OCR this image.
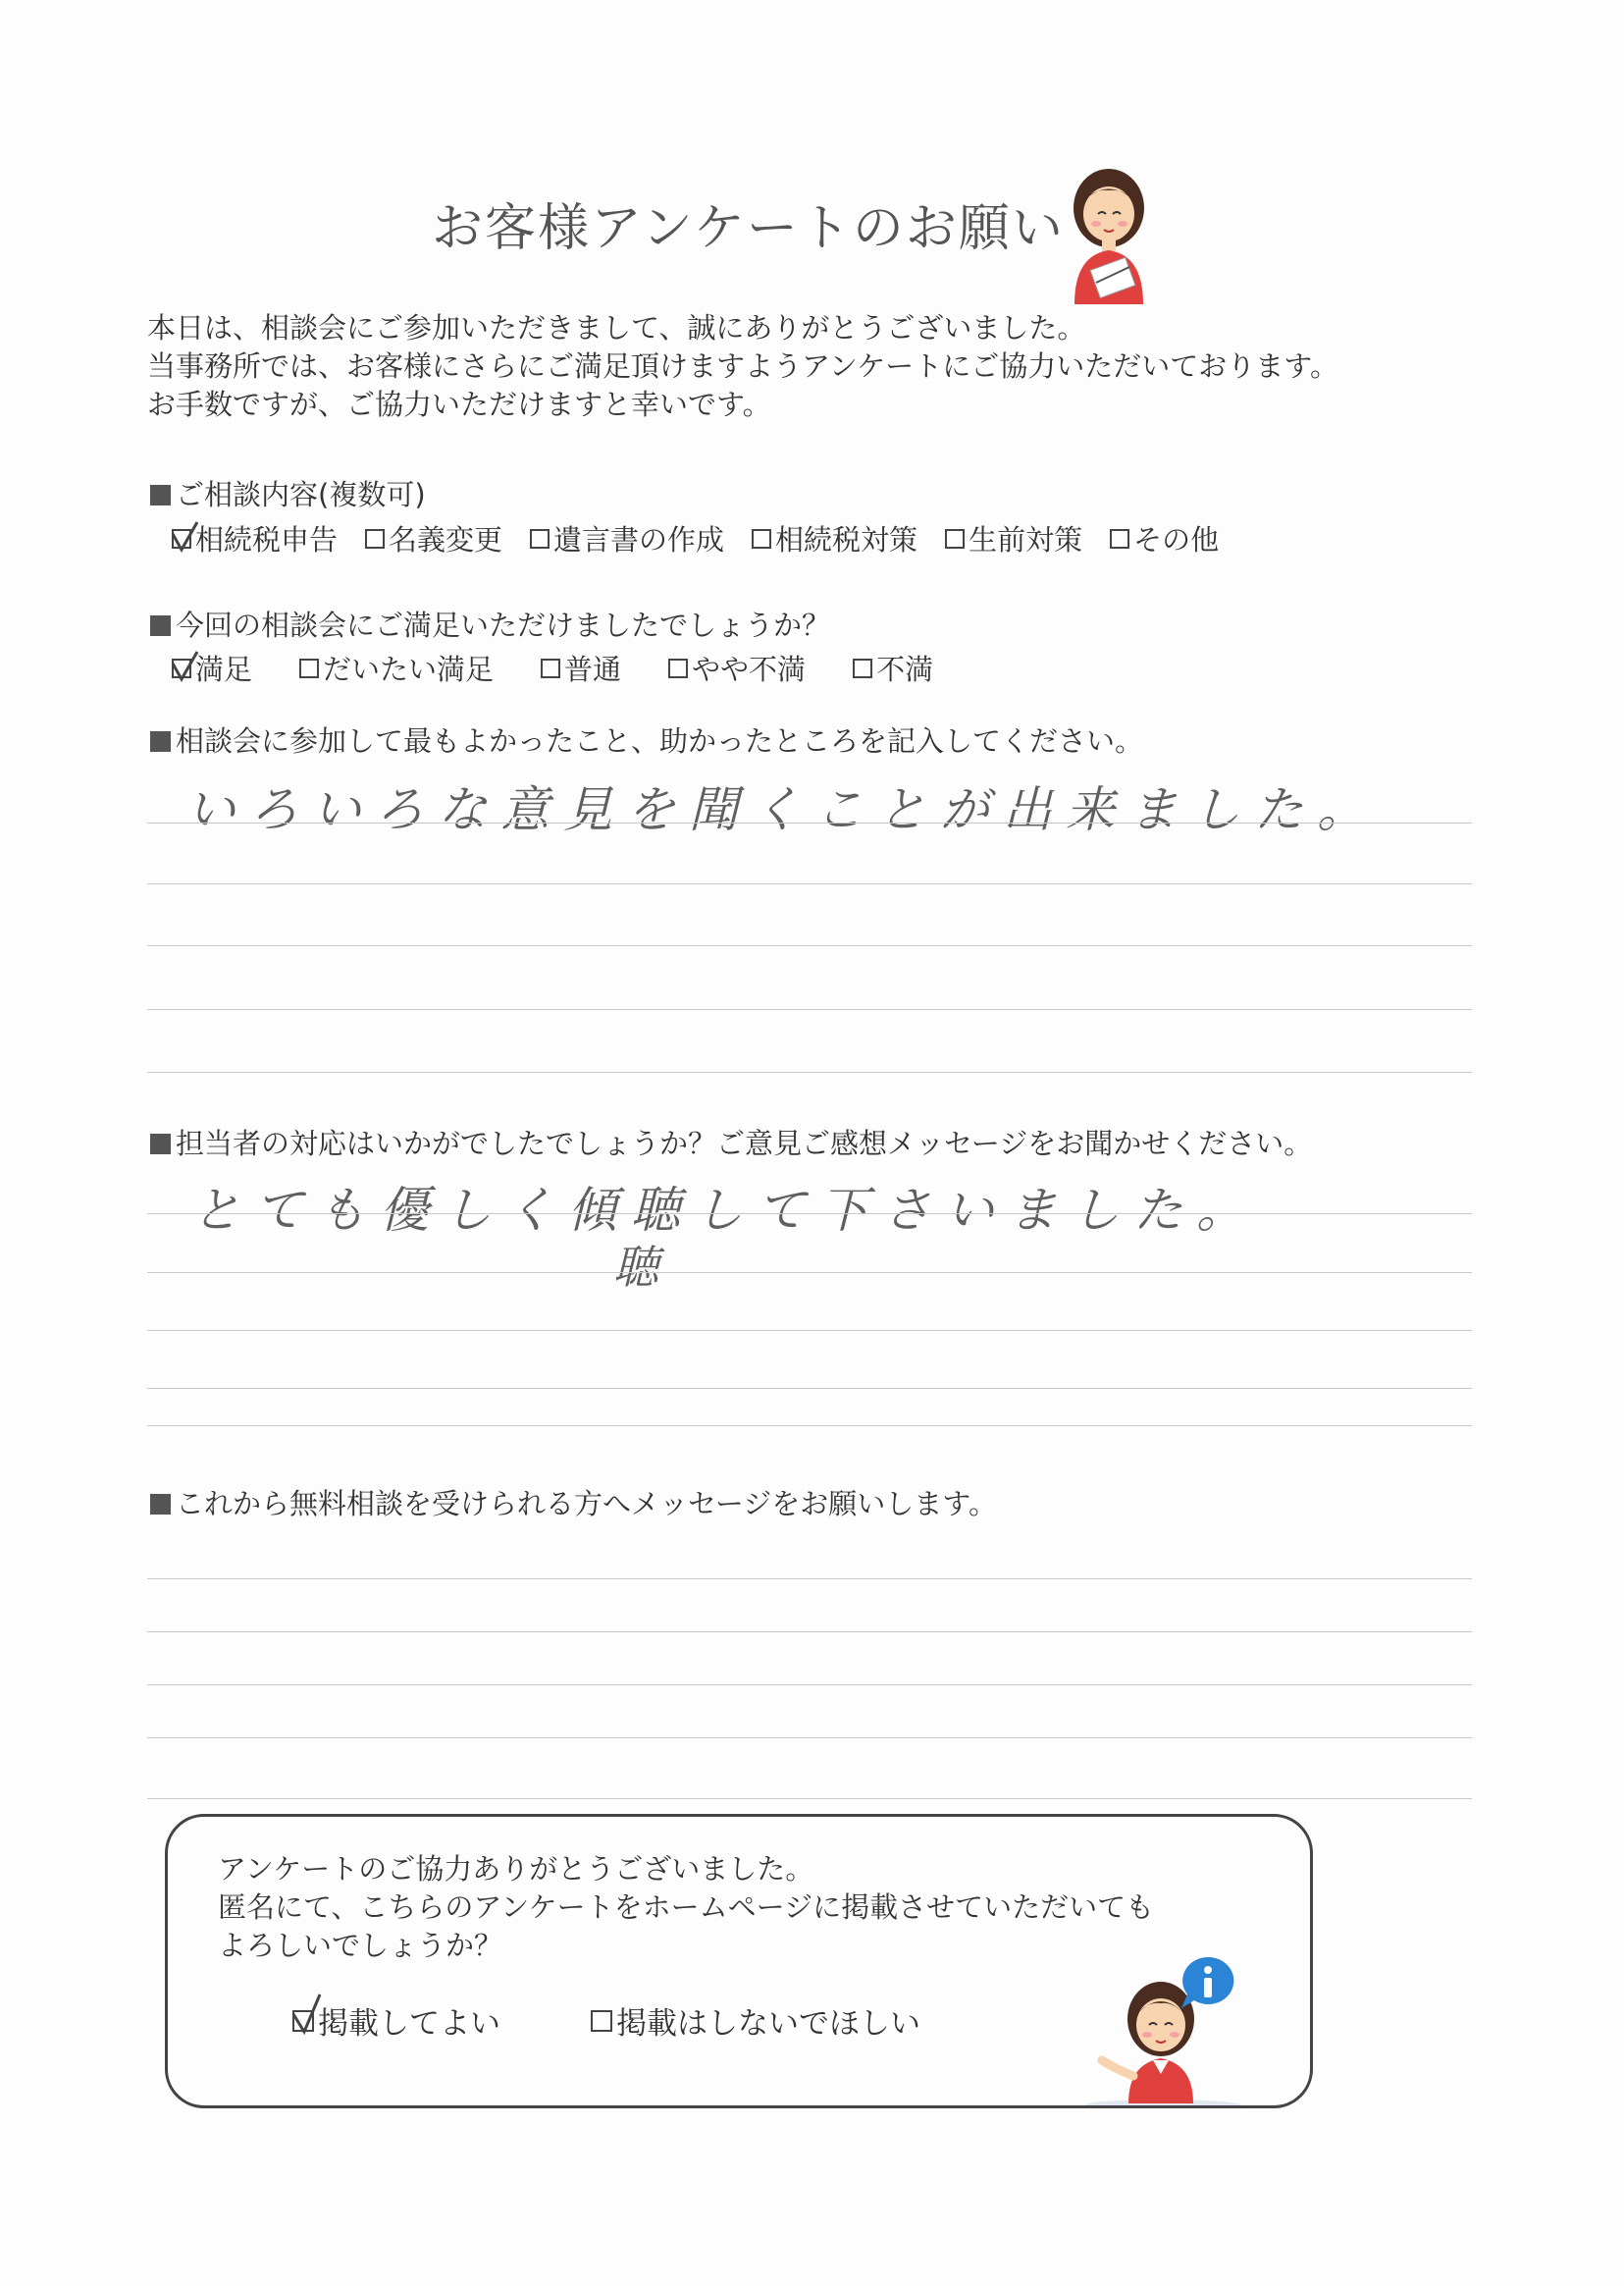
お客様アンケートのお願い
本日は、相談会にご参加いただきまして、誠にありがとうございました。
当事務所では、お客様にさらにご満足頂けますようアンケートにご協力いただいております。
お手数ですが、ご協力いただけますと幸いです。
ご相談内容(複数可)
相続税申告 名義変更 遺言書の作成 相続税対策 生前対策 その他
今回の相談会にご満足いただけましたでしょうか？
満足 だいたい満足 普通 やや不満 不満
相談会に参加して最もよかったこと、助かったところを記入してください。
いろいろな意見を聞くことが出来ました。
担当者の対応はいかがでしたでしょうか？ご意見ご感想メッセージをお聞かせください。
とても優しく傾聴して下さいました。
聴
これから無料相談を受けられる方へメッセージをお願いします。
アンケートのご協力ありがとうございました。
匿名にて、こちらのアンケートをホームページに掲載させていただいても
よろしいでしょうか？
掲載してよい	掲載はしないでほしい
